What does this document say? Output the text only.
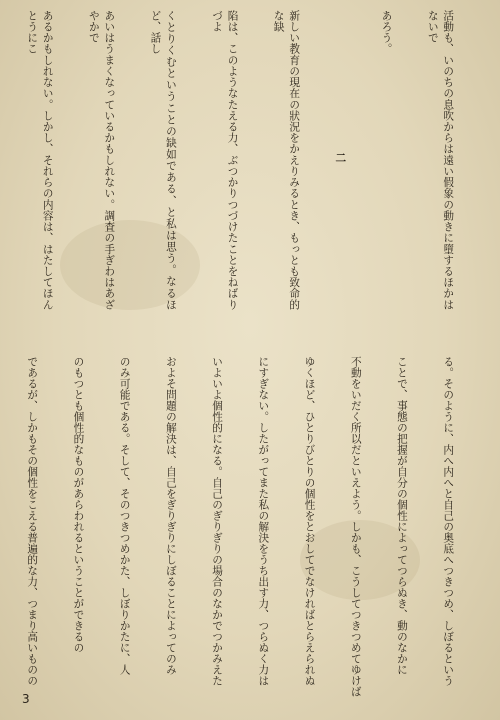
活動も、いのちの息吹からは遠い假象の動きに墮するほかはないで

あろう。

二

新しい教育の現在の狀況をかえりみるとき、もっとも致命的な缺

陷は、このようなたえる力、ぶつかりつづけたことをねばりづよ

くとりくむということの缺如である、と私は思う。なるほど、話し

あいはうまくなっているかもしれない。調査の手ぎわはあざやかで

あるかもしれない。しかし、それらの内容は、はたしてほんとうにこ

る。そのように、内へ内へと自己の奥底へつきつめ、しぼるという

ことで、事態の把握が自分の個性によってつらぬき、動のなかに

不動をいだく所以だといえよう。しかも、こうしてつきつめてゆけば

ゆくほど、ひとりびとりの個性をとおしてでなければとらえられぬ

にすぎない。したがってまた私の解決をうち出す力、つらぬく力は

いよいよ個性的になる。自己のぎりぎりの場合のなかでつかみえた

およそ問題の解決は、自己をぎりぎりにしぼることによってのみ

のみ可能である。そして、そのつきつめかた、しぼりかたに、人

のもつとも個性的なものがあらわれるということができるの

であるが、しかもその個性をこえる普遍的な力、つまり高いものの

3
